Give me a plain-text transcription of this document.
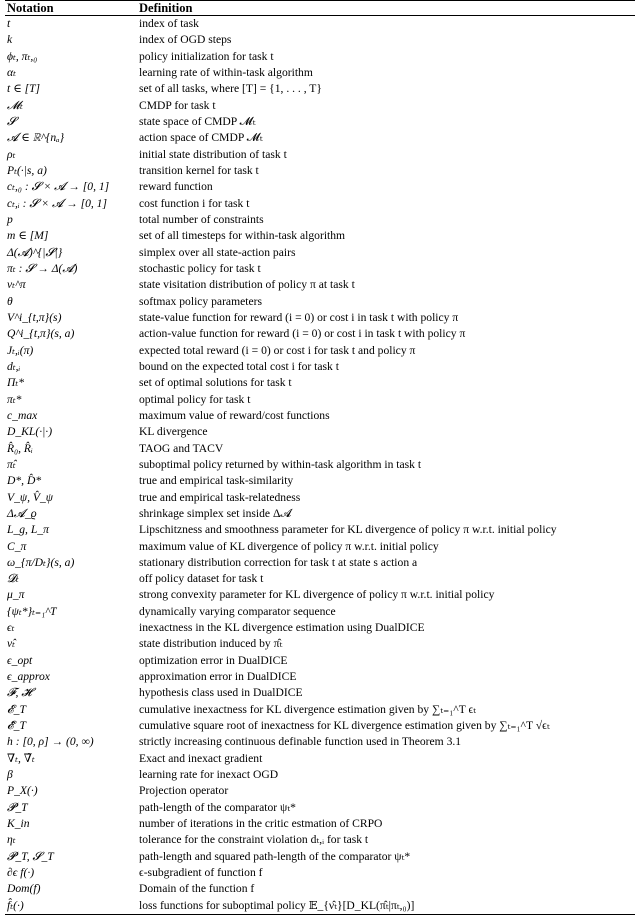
Notation	Definition
t	index of task
k	index of OGD steps
ϕₜ, πₜ,₀	policy initialization for task t
αₜ	learning rate of within-task algorithm
t ∈ [T]	set of all tasks, where [T] = {1, . . . , T}
𝓜ₜ	CMDP for task t
𝓢	state space of CMDP 𝓜ₜ
𝓐 ∈ ℝ^{nₐ}	action space of CMDP 𝓜ₜ
ρₜ	initial state distribution of task t
Pₜ(·|s, a)	transition kernel for task t
cₜ,₀ : 𝓢 × 𝓐 → [0, 1]	reward function
cₜ,ᵢ : 𝓢 × 𝓐 → [0, 1]	cost function i for task t
p	total number of constraints
m ∈ [M]	set of all timesteps for within-task algorithm
Δ(𝓐)^{|𝓢|}	simplex over all state-action pairs
πₜ : 𝓢 → Δ(𝓐)	stochastic policy for task t
νₜ^π	state visitation distribution of policy π at task t
θ	softmax policy parameters
V^i_{t,π}(s)	state-value function for reward (i = 0) or cost i in task t with policy π
Q^i_{t,π}(s, a)	action-value function for reward (i = 0) or cost i in task t with policy π
Jₜ,ᵢ(π)	expected total reward (i = 0) or cost i for task t and policy π
dₜ,ᵢ	bound on the expected total cost i for task t
Πₜ*	set of optimal solutions for task t
πₜ*	optimal policy for task t
c_max	maximum value of reward/cost functions
D_KL(·|·)	KL divergence
R̂₀, R̂ᵢ	TAOG and TACV
π̂ₜ	suboptimal policy returned by within-task algorithm in task t
D*, D̂*	true and empirical task-similarity
V_ψ, V̂_ψ	true and empirical task-relatedness
Δ𝓐_ϱ	shrinkage simplex set inside Δ𝓐
L_g, L_π	Lipschitzness and smoothness parameter for KL divergence of policy π w.r.t. initial policy
C_π	maximum value of KL divergence of policy π w.r.t. initial policy
ω_{π/Dₜ}(s, a)	stationary distribution correction for task t at state s action a
𝓓ₜ	off policy dataset for task t
μ_π	strong convexity parameter for KL divergence of policy π w.r.t. initial policy
{ψₜ*}ₜ₌₁^T	dynamically varying comparator sequence
ϵₜ	inexactness in the KL divergence estimation using DualDICE
ν̂ₜ	state distribution induced by π̂ₜ
ϵ_opt	optimization error in DualDICE
ϵ_approx	approximation error in DualDICE
𝓕, 𝓗	hypothesis class used in DualDICE
𝓔_T	cumulative inexactness for KL divergence estimation given by ∑ₜ₌₁^T ϵₜ
𝓔̄_T	cumulative square root of inexactness for KL divergence estimation given by ∑ₜ₌₁^T √ϵₜ
h : [0, ρ] → (0, ∞)	strictly increasing continuous definable function used in Theorem 3.1
∇ₜ, ∇̃ₜ	Exact and inexact gradient
β	learning rate for inexact OGD
P_X(·)	Projection operator
𝓟_T	path-length of the comparator ψₜ*
K_in	number of iterations in the critic estmation of CRPO
ηₜ	tolerance for the constraint violation dₜ,ᵢ for task t
𝓟_T, 𝓢_T	path-length and squared path-length of the comparator ψₜ*
∂ϵ f(·)	ϵ-subgradient of function f
Dom(f)	Domain of the function f
f̂ₜ(·)	loss functions for suboptimal policy 𝔼_{ν̂ₜ}[D_KL(π̂ₜ|πₜ,₀)]
